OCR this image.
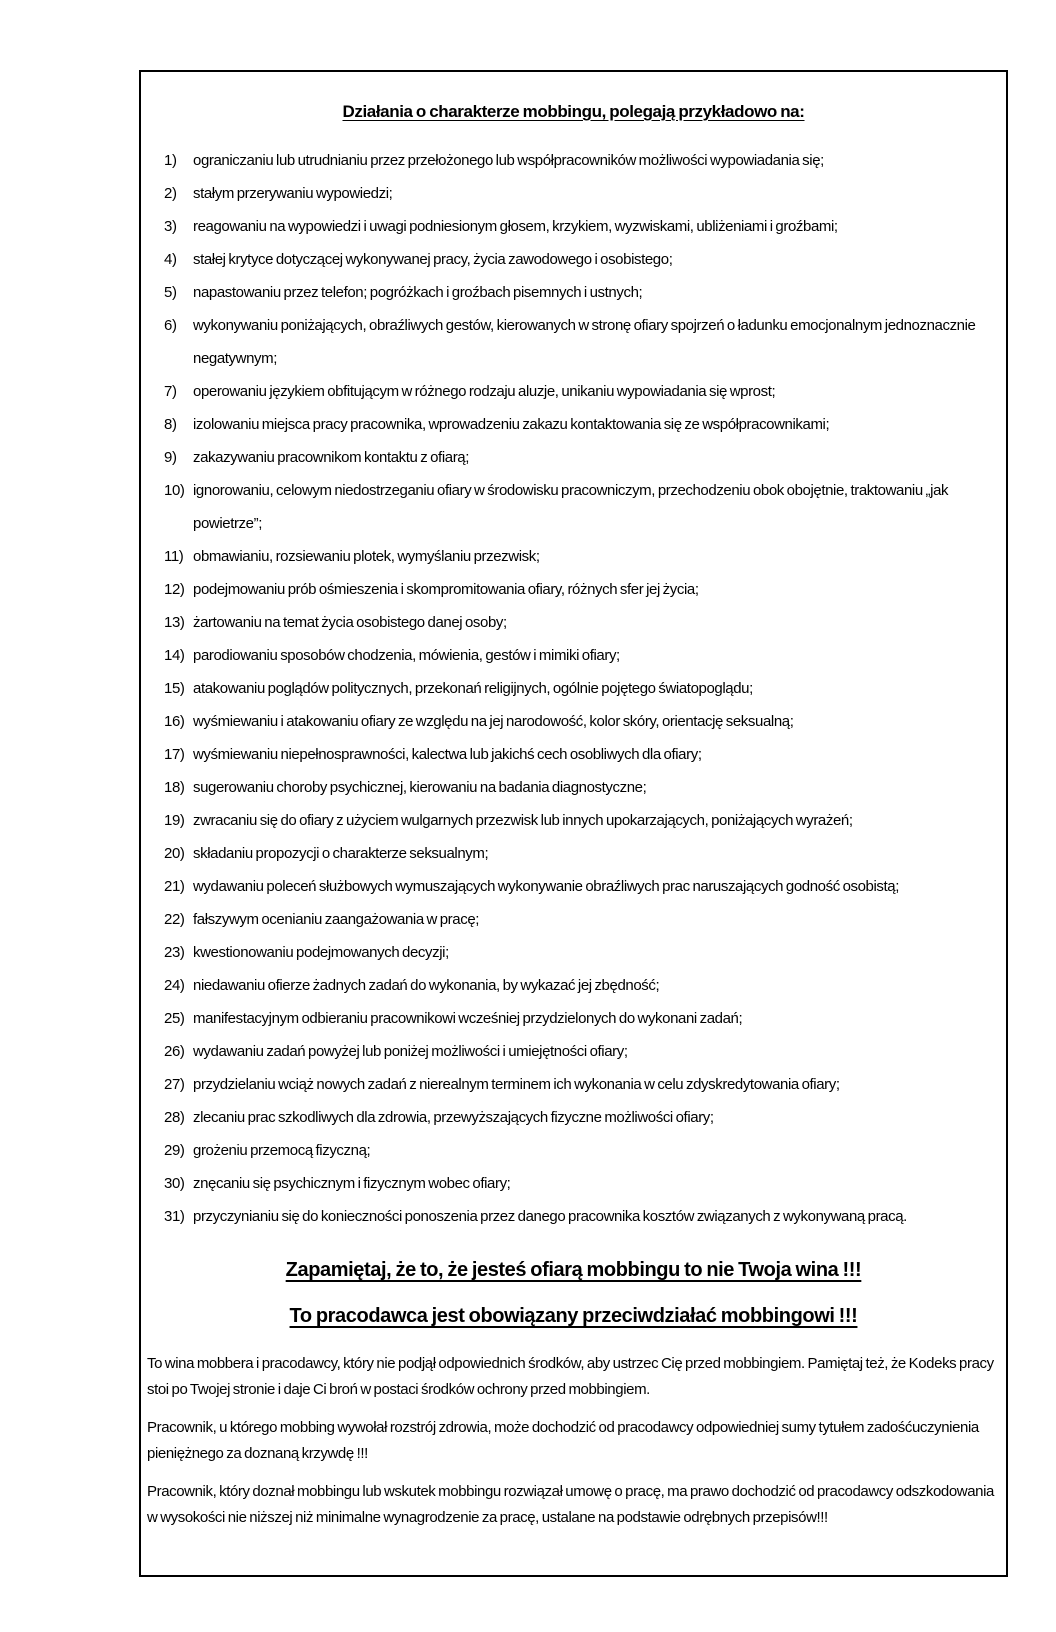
Działania o charakterze mobbingu, polegają przykładowo na:
1)	ograniczaniu lub utrudnianiu przez przełożonego lub współpracowników możliwości wypowiadania się;
2)	stałym przerywaniu wypowiedzi;
3)	reagowaniu na wypowiedzi i uwagi podniesionym głosem, krzykiem, wyzwiskami, ubliżeniami i groźbami;
4)	stałej krytyce dotyczącej wykonywanej pracy, życia zawodowego i osobistego;
5)	napastowaniu przez telefon; pogróżkach i groźbach pisemnych i ustnych;
6)	wykonywaniu poniżających, obraźliwych gestów, kierowanych w stronę ofiary spojrzeń o ładunku emocjonalnym jednoznacznie negatywnym;
7)	operowaniu językiem obfitującym w różnego rodzaju aluzje, unikaniu wypowiadania się wprost;
8)	izolowaniu miejsca pracy pracownika, wprowadzeniu zakazu kontaktowania się ze współpracownikami;
9)	zakazywaniu pracownikom kontaktu z ofiarą;
10) ignorowaniu, celowym niedostrzeganiu ofiary w środowisku pracowniczym, przechodzeniu obok obojętnie, traktowaniu „jak powietrze”;
11) obmawianiu, rozsiewaniu plotek, wymyślaniu przezwisk;
12) podejmowaniu prób ośmieszenia i skompromitowania ofiary, różnych sfer jej życia;
13) żartowaniu na temat życia osobistego danej osoby;
14) parodiowaniu sposobów chodzenia, mówienia, gestów i mimiki ofiary;
15) atakowaniu poglądów politycznych, przekonań religijnych, ogólnie pojętego światopoglądu;
16) wyśmiewaniu i atakowaniu ofiary ze względu na jej narodowość, kolor skóry, orientację seksualną;
17) wyśmiewaniu niepełnosprawności, kalectwa lub jakichś cech osobliwych dla ofiary;
18) sugerowaniu choroby psychicznej, kierowaniu na badania diagnostyczne;
19) zwracaniu się do ofiary z użyciem wulgarnych przezwisk lub innych upokarzających, poniżających wyrażeń;
20) składaniu propozycji o charakterze seksualnym;
21) wydawaniu poleceń służbowych wymuszających wykonywanie obraźliwych prac naruszających godność osobistą;
22) fałszywym ocenianiu zaangażowania w pracę;
23) kwestionowaniu podejmowanych decyzji;
24) niedawaniu ofierze żadnych zadań do wykonania, by wykazać jej zbędność;
25) manifestacyjnym odbieraniu pracownikowi wcześniej przydzielonych do wykonani zadań;
26) wydawaniu zadań powyżej lub poniżej możliwości i umiejętności ofiary;
27) przydzielaniu wciąż nowych zadań z nierealnym terminem ich wykonania w celu zdyskredytowania ofiary;
28) zlecaniu prac szkodliwych dla zdrowia, przewyższających fizyczne możliwości ofiary;
29) grożeniu przemocą fizyczną;
30) znęcaniu się psychicznym i fizycznym wobec ofiary;
31) przyczynianiu się do konieczności ponoszenia przez danego pracownika kosztów związanych z wykonywaną pracą.
Zapamiętaj, że to, że jesteś ofiarą mobbingu to nie Twoja wina !!!
To pracodawca jest obowiązany przeciwdziałać mobbingowi !!!

To wina mobbera i pracodawcy, który nie podjął odpowiednich środków, aby ustrzec Cię przed mobbingiem. Pamiętaj też, że Kodeks pracy stoi po Twojej stronie i daje Ci broń w postaci środków ochrony przed mobbingiem.

Pracownik, u którego mobbing wywołał rozstrój zdrowia, może dochodzić od pracodawcy odpowiedniej sumy tytułem zadośćuczynienia pieniężnego za doznaną krzywdę !!!

Pracownik, który doznał mobbingu lub wskutek mobbingu rozwiązał umowę o pracę, ma prawo dochodzić od pracodawcy odszkodowania w wysokości nie niższej niż minimalne wynagrodzenie za pracę, ustalane na podstawie odrębnych przepisów!!!
